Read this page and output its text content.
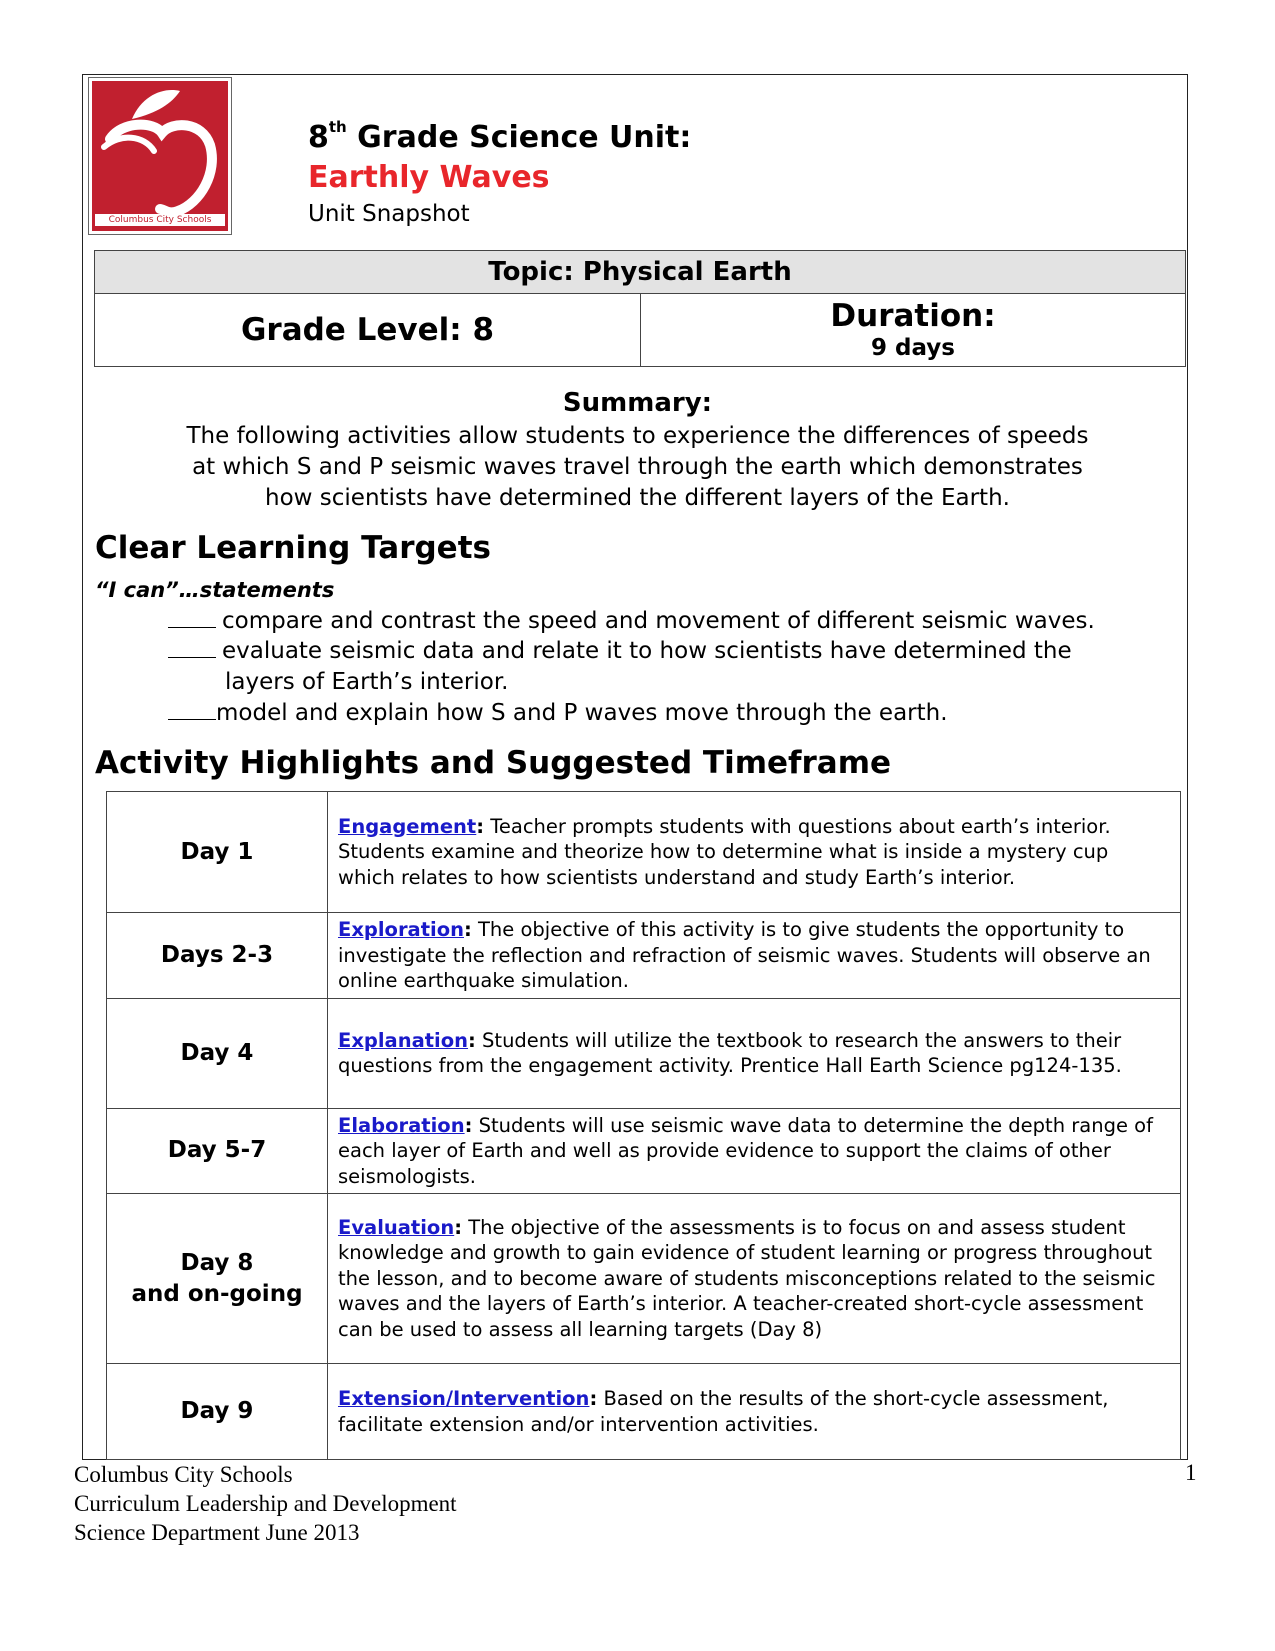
Columbus City Schools
8th Grade Science Unit:
Earthly Waves
Unit Snapshot
Topic: Physical Earth
Grade Level: 8	Duration:
9 days
Summary:
The following activities allow students to experience the differences of speeds
at which S and P seismic waves travel through the earth which demonstrates
how scientists have determined the different layers of the Earth.
Clear Learning Targets
“I can”…statements
compare and contrast the speed and movement of different seismic waves.
evaluate seismic data and relate it to how scientists have determined the
layers of Earth’s interior.
model and explain how S and P waves move through the earth.
Activity Highlights and Suggested Timeframe
Day 1	Engagement: Teacher prompts students with questions about earth’s interior. Students examine and theorize how to determine what is inside a mystery cup which relates to how scientists understand and study Earth’s interior.

Days 2-3	Exploration: The objective of this activity is to give students the opportunity to investigate the reflection and refraction of seismic waves. Students will observe an online earthquake simulation.

Day 4	Explanation: Students will utilize the textbook to research the answers to their questions from the engagement activity. Prentice Hall Earth Science pg124-135.

Day 5-7	Elaboration: Students will use seismic wave data to determine the depth range of each layer of Earth and well as provide evidence to support the claims of other seismologists.

Day 8
and on-going	Evaluation: The objective of the assessments is to focus on and assess student knowledge and growth to gain evidence of student learning or progress throughout the lesson, and to become aware of students misconceptions related to the seismic waves and the layers of Earth’s interior. A teacher-created short-cycle assessment can be used to assess all learning targets (Day 8)

Day 9	Extension/Intervention: Based on the results of the short-cycle assessment, facilitate extension and/or intervention activities.
Columbus City Schools
Curriculum Leadership and Development
Science Department June 2013
1
